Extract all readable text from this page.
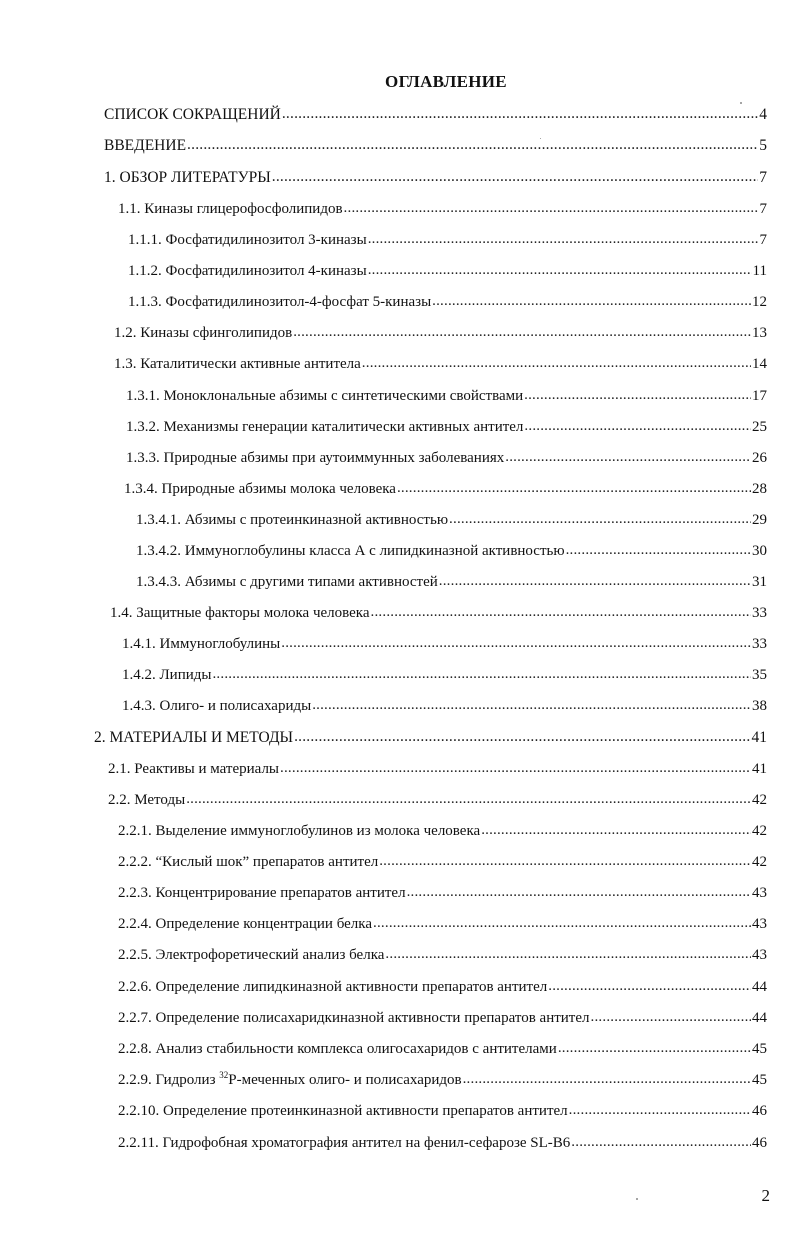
ОГЛАВЛЕНИЕ
СПИСОК СОКРАЩЕНИЙ .....	4
ВВЕДЕНИЕ .....	5
1. ОБЗОР ЛИТЕРАТУРЫ .....	7
1.1. Киназы глицерофосфолипидов .....	7
1.1.1. Фосфатидилинозитол 3-киназы .....	7
1.1.2. Фосфатидилинозитол 4-киназы .....	11
1.1.3. Фосфатидилинозитол-4-фосфат 5-киназы .....	12
1.2. Киназы сфинголипидов .....	13
1.3. Каталитически активные антитела .....	14
1.3.1. Моноклональные абзимы с синтетическими свойствами .....	17
1.3.2. Механизмы генерации каталитически активных антител .....	25
1.3.3. Природные абзимы при аутоиммунных заболеваниях .....	26
1.3.4. Природные абзимы молока человека .....	28
1.3.4.1. Абзимы с протеинкиназной активностью .....	29
1.3.4.2. Иммуноглобулины класса А с липидкиназной активностью .....	30
1.3.4.3. Абзимы с другими типами активностей .....	31
1.4. Защитные факторы молока человека .....	33
1.4.1. Иммуноглобулины .....	33
1.4.2. Липиды .....	35
1.4.3. Олиго- и полисахариды .....	38
2. МАТЕРИАЛЫ И МЕТОДЫ .....	41
2.1. Реактивы и материалы .....	41
2.2. Методы .....	42
2.2.1. Выделение иммуноглобулинов из молока человека .....	42
2.2.2. “Кислый шок” препаратов антител .....	42
2.2.3. Концентрирование препаратов антител .....	43
2.2.4. Определение концентрации белка .....	43
2.2.5. Электрофоретический анализ белка .....	43
2.2.6. Определение липидкиназной активности препаратов антител .....	44
2.2.7. Определение полисахаридкиназной активности препаратов антител .....	44
2.2.8. Анализ стабильности комплекса олигосахаридов с антителами .....	45
2.2.9. Гидролиз $^{32}$P-меченных олиго- и полисахаридов .....	45
2.2.10. Определение протеинкиназной активности препаратов антител .....	46
2.2.11. Гидрофобная хроматография антител на фенил-сефарозе SL-B6 .....	46
2
